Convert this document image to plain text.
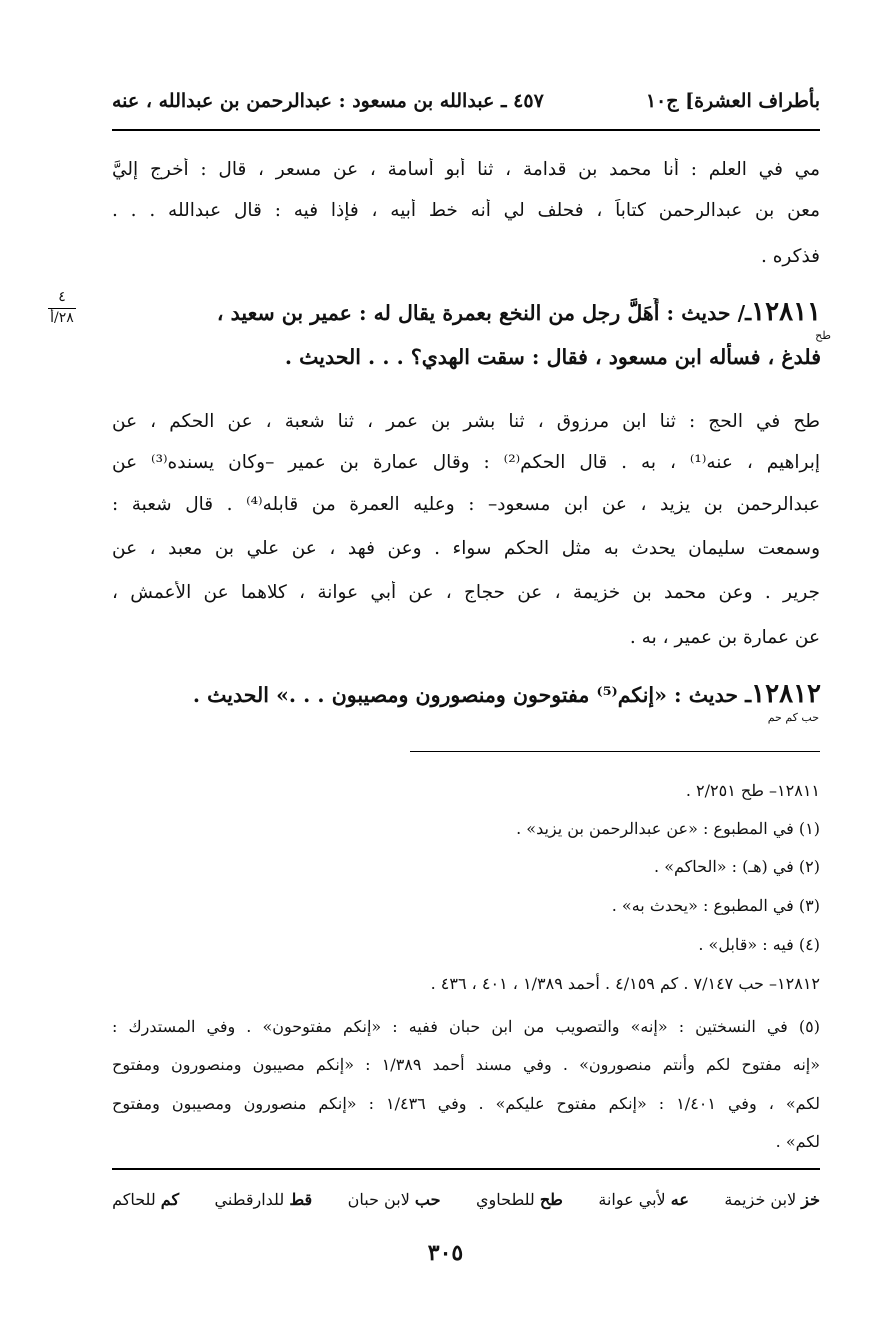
بأطراف العشرة] ج١٠
٤٥٧ ـ عبدالله بن مسعود : عبدالرحمن بن عبدالله ، عنه
مي في العلم : أنا محمد بن قدامة ، ثنا أبو أسامة ، عن مسعر ، قال : أخرج إليَّ
معن بن عبدالرحمن كتاباً ، فحلف لي أنه خط أبيه ، فإذا فيه : قال عبدالله . . .
فذكره .
٤
٢٨/أ	١٢٨١١ـ/ حديث : أَهَلَّ رجل من النخع بعمرة يقال له : عمير بن سعيد ،
طح
فلدغ ، فسأله ابن مسعود ، فقال : سقت الهدي؟ . . . الحديث .
طح في الحج : ثنا ابن مرزوق ، ثنا بشر بن عمر ، ثنا شعبة ، عن الحكم ، عن
إبراهيم ، عنه⁽¹⁾ ، به . قال الحكم⁽²⁾ : وقال عمارة بن عمير –وكان يسنده⁽³⁾ عن
عبدالرحمن بن يزيد ، عن ابن مسعود– : وعليه العمرة من قابله⁽⁴⁾ . قال شعبة :
وسمعت سليمان يحدث به مثل الحكم سواء . وعن فهد ، عن علي بن معبد ، عن
جرير . وعن محمد بن خزيمة ، عن حجاج ، عن أبي عوانة ، كلاهما عن الأعمش ،
عن عمارة بن عمير ، به .
١٢٨١٢ـ حديث : «إنكم⁽⁵⁾ مفتوحون ومنصورون ومصيبون . . .» الحديث .
حب كم حم
١٢٨١١– طح ٢/٢٥١ .
(١) في المطبوع : «عن عبدالرحمن بن يزيد» .
(٢) في (هـ) : «الحاكم» .
(٣) في المطبوع : «يحدث به» .
(٤) فيه : «قابل» .
١٢٨١٢– حب ٧/١٤٧ . كم ٤/١٥٩ . أحمد ١/٣٨٩ ، ٤٠١ ، ٤٣٦ .
(٥) في النسختين : «إنه» والتصويب من ابن حبان ففيه : «إنكم مفتوحون» . وفي المستدرك :
«إنه مفتوح لكم وأنتم منصورون» . وفي مسند أحمد ١/٣٨٩ : «إنكم مصيبون ومنصورون ومفتوح
لكم» ، وفي ١/٤٠١ : «إنكم مفتوح عليكم» . وفي ١/٤٣٦ : «إنكم منصورون ومصيبون ومفتوح
لكم» .
خز لابن خزيمة
عه لأبي عوانة
طح للطحاوي
حب لابن حبان
قط للدارقطني
كم للحاكم
٣٠٥
